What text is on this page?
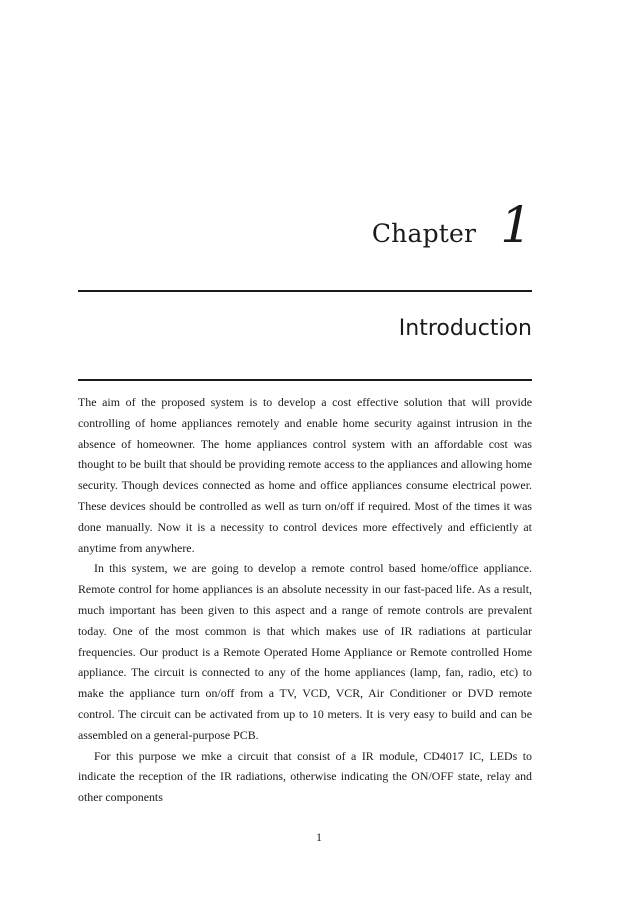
Chapter 1
Introduction

The aim of the proposed system is to develop a cost effective solution that will provide controlling of home appliances remotely and enable home security against intrusion in the absence of homeowner. The home appliances control system with an affordable cost was thought to be built that should be providing remote access to the appliances and allowing home security. Though devices connected as home and office appliances consume electrical power. These devices should be controlled as well as turn on/off if required. Most of the times it was done manually. Now it is a necessity to control devices more effectively and efficiently at anytime from anywhere.

In this system, we are going to develop a remote control based home/office appliance. Remote control for home appliances is an absolute necessity in our fast-paced life. As a result, much important has been given to this aspect and a range of remote controls are prevalent today. One of the most common is that which makes use of IR radiations at particular frequencies. Our product is a Remote Operated Home Appliance or Remote controlled Home appliance. The circuit is connected to any of the home appliances (lamp, fan, radio, etc) to make the appliance turn on/off from a TV, VCD, VCR, Air Conditioner or DVD remote control. The circuit can be activated from up to 10 meters. It is very easy to build and can be assembled on a general-purpose PCB.

For this purpose we mke a circuit that consist of a IR module, CD4017 IC, LEDs to indicate the reception of the IR radiations, otherwise indicating the ON/OFF state, relay and other components

1
